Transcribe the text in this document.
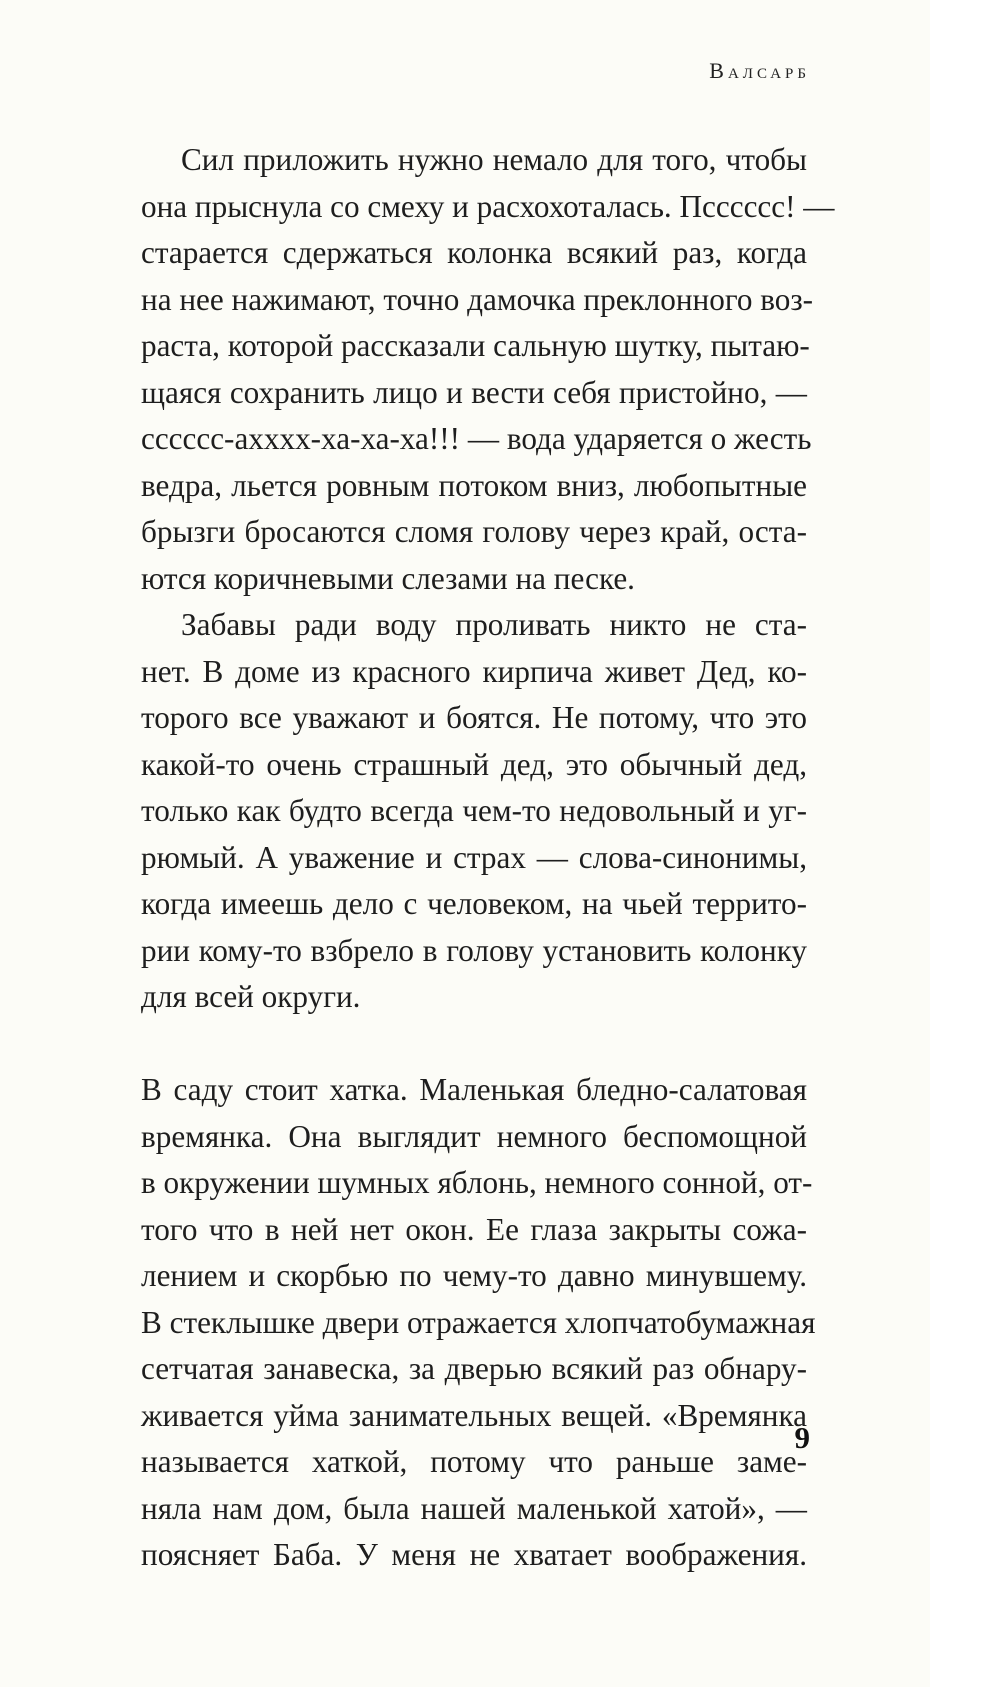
Валсарб
Сил приложить нужно немало для того, чтобы
она прыснула со смеху и расхохоталась. Псссссс! —
старается сдержаться колонка всякий раз, когда
на нее нажимают, точно дамочка преклонного воз-
раста, которой рассказали сальную шутку, пытаю-
щаяся сохранить лицо и вести себя пристойно, —
сссссс-ахххх-ха-ха-ха!!! — вода ударяется о жесть
ведра, льется ровным потоком вниз, любопытные
брызги бросаются сломя голову через край, оста-
ются коричневыми слезами на песке.
Забавы ради воду проливать никто не ста-
нет. В доме из красного кирпича живет Дед, ко-
торого все уважают и боятся. Не потому, что это
какой-то очень страшный дед, это обычный дед,
только как будто всегда чем-то недовольный и уг-
рюмый. А уважение и страх — слова-синонимы,
когда имеешь дело с человеком, на чьей террито-
рии кому-то взбрело в голову установить колонку
для всей округи.
В саду стоит хатка. Маленькая бледно-салатовая
времянка. Она выглядит немного беспомощной
в окружении шумных яблонь, немного сонной, от-
того что в ней нет окон. Ее глаза закрыты сожа-
лением и скорбью по чему-то давно минувшему.
В стеклышке двери отражается хлопчатобумажная
сетчатая занавеска, за дверью всякий раз обнару-
живается уйма занимательных вещей. «Времянка
называется хаткой, потому что раньше заме-
няла нам дом, была нашей маленькой хатой», —
поясняет Баба. У меня не хватает воображения.
9
